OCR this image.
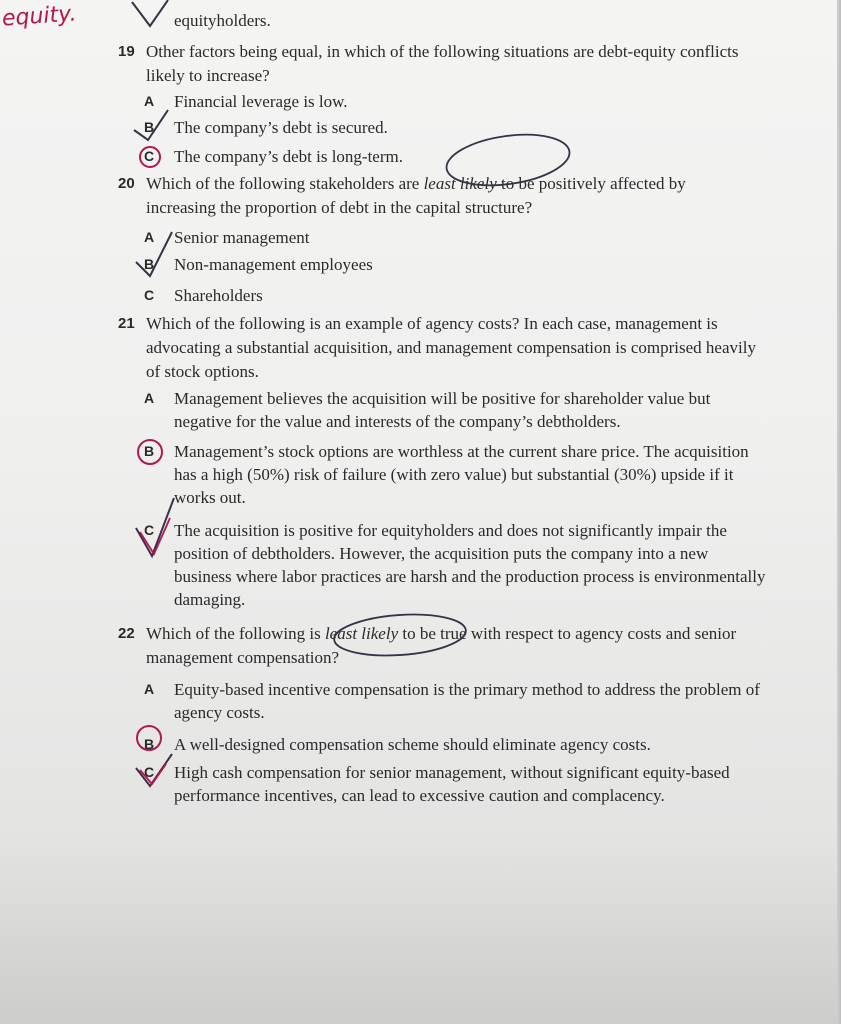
equity.	equityholders.
19 Other factors being equal, in which of the following situations are debt-equity conflicts likely to increase?
A Financial leverage is low.
B The company’s debt is secured.
C The company’s debt is long-term.
20 Which of the following stakeholders are least likely to be positively affected by increasing the proportion of debt in the capital structure?
A Senior management
B Non-management employees
C Shareholders
21 Which of the following is an example of agency costs? In each case, management is advocating a substantial acquisition, and management compensation is comprised heavily of stock options.
A Management believes the acquisition will be positive for shareholder value but negative for the value and interests of the company’s debtholders.
B Management’s stock options are worthless at the current share price. The acquisition has a high (50%) risk of failure (with zero value) but substantial (30%) upside if it works out.
C The acquisition is positive for equityholders and does not significantly impair the position of debtholders. However, the acquisition puts the company into a new business where labor practices are harsh and the production process is environmentally damaging.
22 Which of the following is least likely to be true with respect to agency costs and senior management compensation?
A Equity-based incentive compensation is the primary method to address the problem of agency costs.
B A well-designed compensation scheme should eliminate agency costs.
C High cash compensation for senior management, without significant equity-based performance incentives, can lead to excessive caution and complacency.
